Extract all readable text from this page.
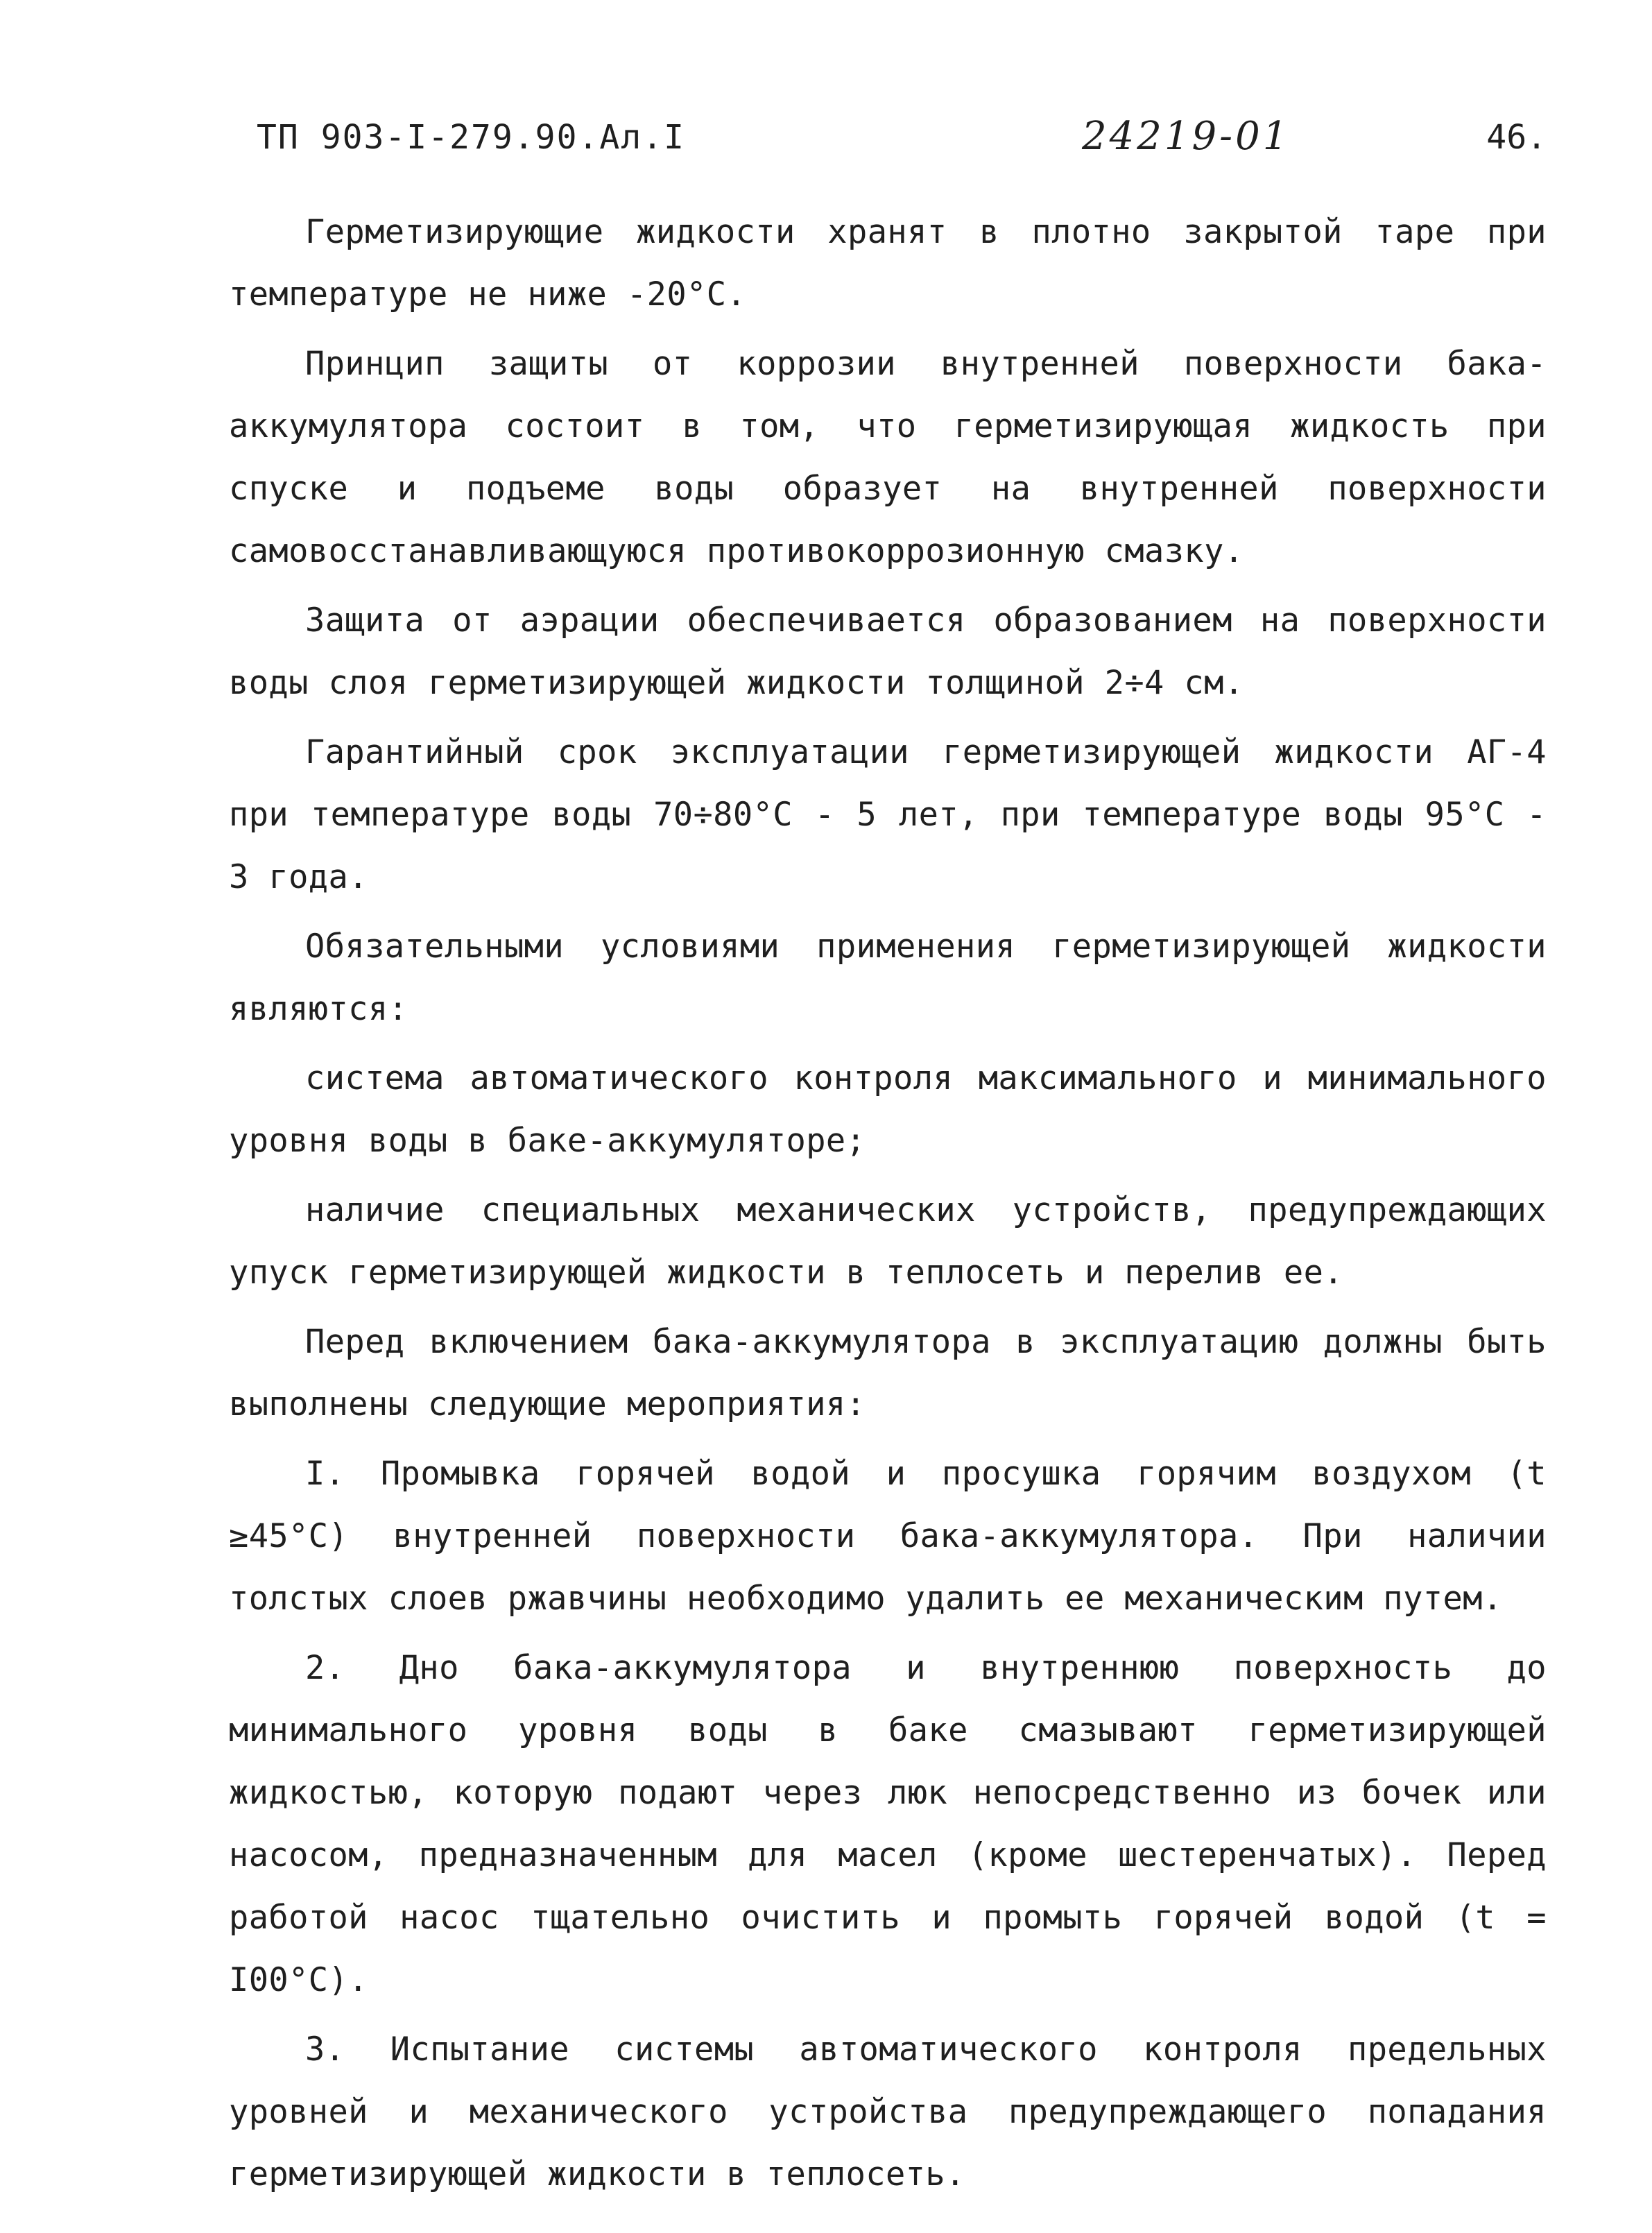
ТП 903-I-279.90.Ал.I	24219-01	46.

Герметизирующие жидкости хранят в плотно закрытой таре при температуре не ниже -20°С.

Принцип защиты от коррозии внутренней поверхности бака-аккумулятора состоит в том, что герметизирующая жидкость при спуске и подъеме воды образует на внутренней поверхности самовосстанавливающуюся противокоррозионную смазку.

Защита от аэрации обеспечивается образованием на поверхности воды слоя герметизирующей жидкости толщиной 2÷4 см.

Гарантийный срок эксплуатации герметизирующей жидкости АГ-4 при температуре воды 70÷80°С - 5 лет, при температуре воды 95°С - 3 года.

Обязательными условиями применения герметизирующей жидкости являются:

система автоматического контроля максимального и минимального уровня воды в баке-аккумуляторе;

наличие специальных механических устройств, предупреждающих упуск герметизирующей жидкости в теплосеть и перелив ее.

Перед включением бака-аккумулятора в эксплуатацию должны быть выполнены следующие мероприятия:

I. Промывка горячей водой и просушка горячим воздухом (t ≥45°С) внутренней поверхности бака-аккумулятора. При наличии толстых слоев ржавчины необходимо удалить ее механическим путем.

2. Дно бака-аккумулятора и внутреннюю поверхность до минимального уровня воды в баке смазывают герметизирующей жидкостью, которую подают через люк непосредственно из бочек или насосом, предназначенным для масел (кроме шестеренчатых). Перед работой насос тщательно очистить и промыть горячей водой (t = I00°С).

3. Испытание системы автоматического контроля предельных уровней и механического устройства предупреждающего попадания герметизирующей жидкости в теплосеть.
